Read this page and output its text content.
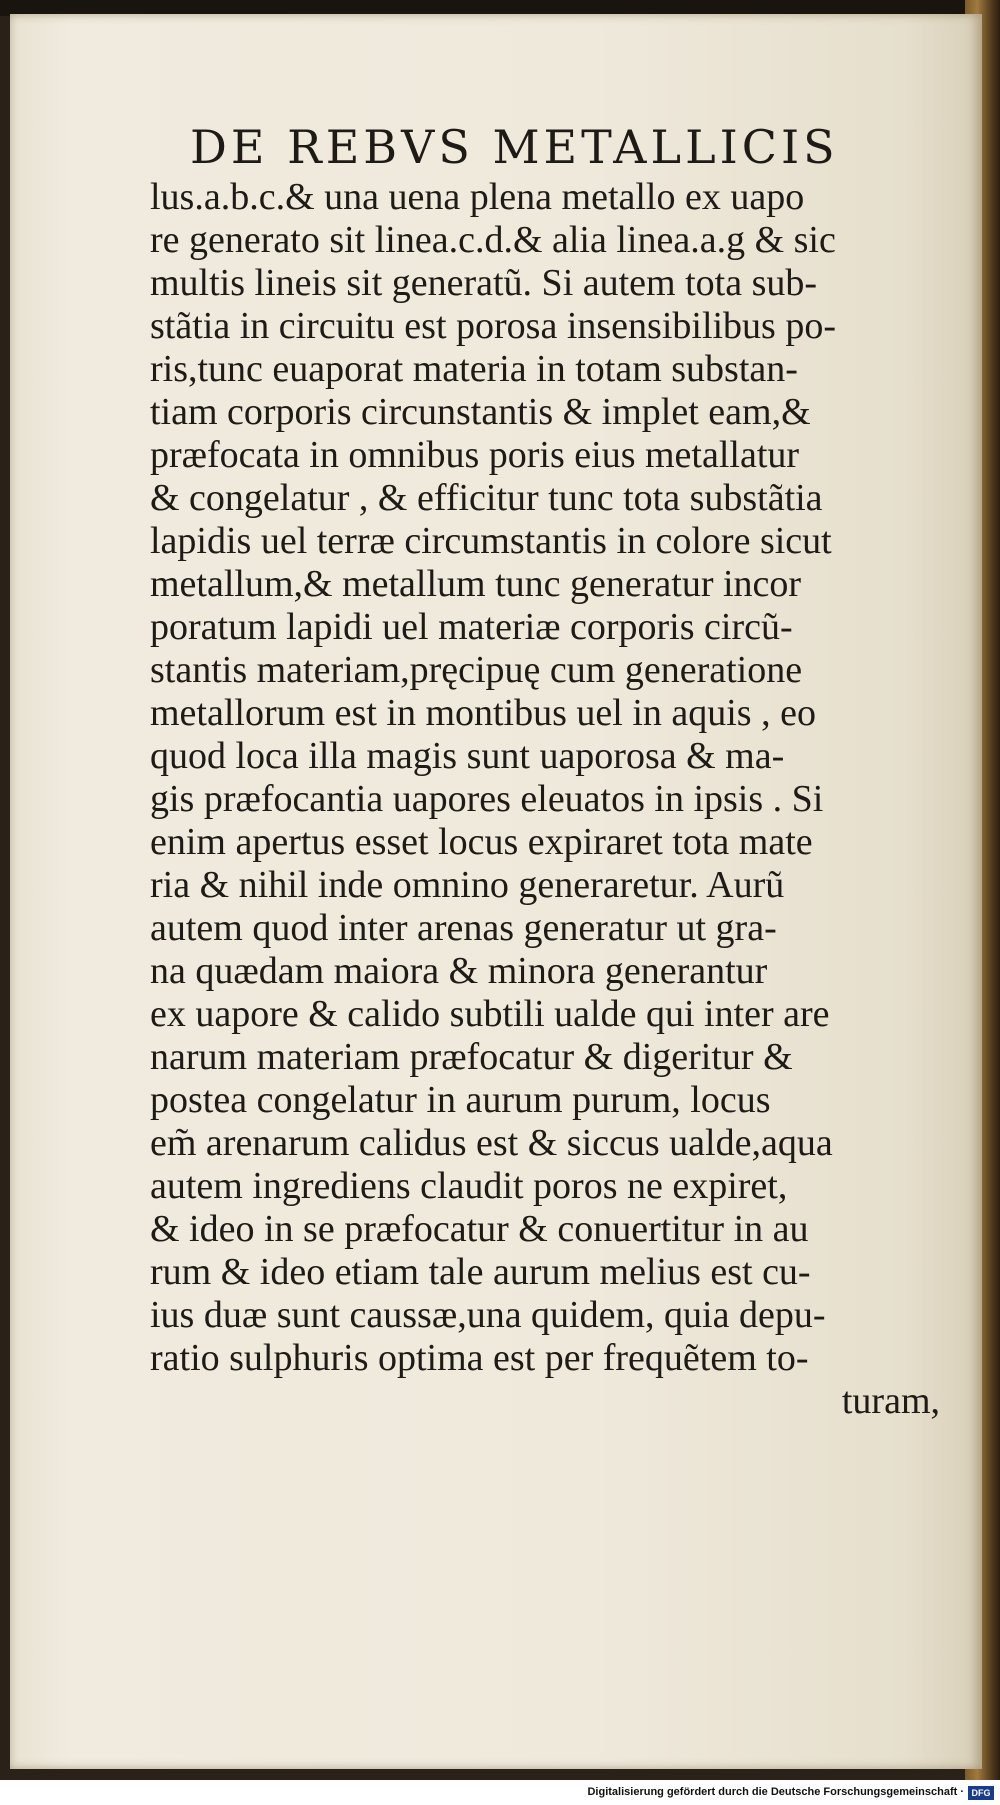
DE REBVS METALLICIS
lus.a.b.c.& una uena plena metallo ex uapo
re generato sit linea.c.d.& alia linea.a.g & sic
multis lineis sit generatũ. Si autem tota sub-
stãtia in circuitu est porosa insensibilibus po-
ris,tunc euaporat materia in totam substan-
tiam corporis circunstantis & implet eam,&
præfocata in omnibus poris eius metallatur
& congelatur , & efficitur tunc tota substãtia
lapidis uel terræ circumstantis in colore sicut
metallum,& metallum tunc generatur incor
poratum lapidi uel materiæ corporis circũ-
stantis materiam,pręcipuę cum generatione
metallorum est in montibus uel in aquis , eo
quod loca illa magis sunt uaporosa & ma-
gis præfocantia uapores eleuatos in ipsis . Si
enim apertus esset locus expiraret tota mate
ria & nihil inde omnino generaretur. Aurũ
autem quod inter arenas generatur ut gra-
na quædam maiora & minora generantur
ex uapore & calido subtili ualde qui inter are
narum materiam præfocatur & digeritur &
postea congelatur in aurum purum, locus
em̃ arenarum calidus est & siccus ualde,aqua
autem ingrediens claudit poros ne expiret,
& ideo in se præfocatur & conuertitur in au
rum & ideo etiam tale aurum melius est cu-
ius duæ sunt caussæ,una quidem, quia depu-
ratio sulphuris optima est per frequẽtem to-
turam,
Digitalisierung gefördert durch die Deutsche Forschungsgemeinschaft · DFG
